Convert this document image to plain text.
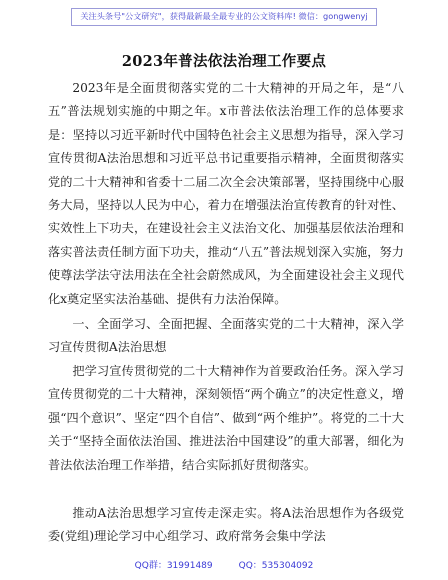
关注头条号"公文研究"，获得最新最全最专业的公文资料库! 微信：gongwenyj
2023年普法依法治理工作要点

2023年是全面贯彻落实党的二十大精神的开局之年，是“八五”普法规划实施的中期之年。x市普法依法治理工作的总体要求是：坚持以习近平新时代中国特色社会主义思想为指导，深入学习宣传贯彻A法治思想和习近平总书记重要指示精神，全面贯彻落实党的二十大精神和省委十二届二次全会决策部署，坚持围绕中心服务大局，坚持以人民为中心，着力在增强法治宣传教育的针对性、实效性上下功夫，在建设社会主义法治文化、加强基层依法治理和落实普法责任制方面下功夫，推动“八五”普法规划深入实施，努力使尊法学法守法用法在全社会蔚然成风，为全面建设社会主义现代化x奠定坚实法治基础、提供有力法治保障。

一、全面学习、全面把握、全面落实党的二十大精神，深入学习宣传贯彻A法治思想

把学习宣传贯彻党的二十大精神作为首要政治任务。深入学习宣传贯彻党的二十大精神，深刻领悟“两个确立”的决定性意义，增强“四个意识”、坚定“四个自信”、做到“两个维护”。将党的二十大关于“坚持全面依法治国、推进法治中国建设”的重大部署，细化为普法依法治理工作举措，结合实际抓好贯彻落实。

推动A法治思想学习宣传走深走实。将A法治思想作为各级党委(党组)理论学习中心组学习、政府常务会集中学法

QQ群：31991489	QQ：535304092
